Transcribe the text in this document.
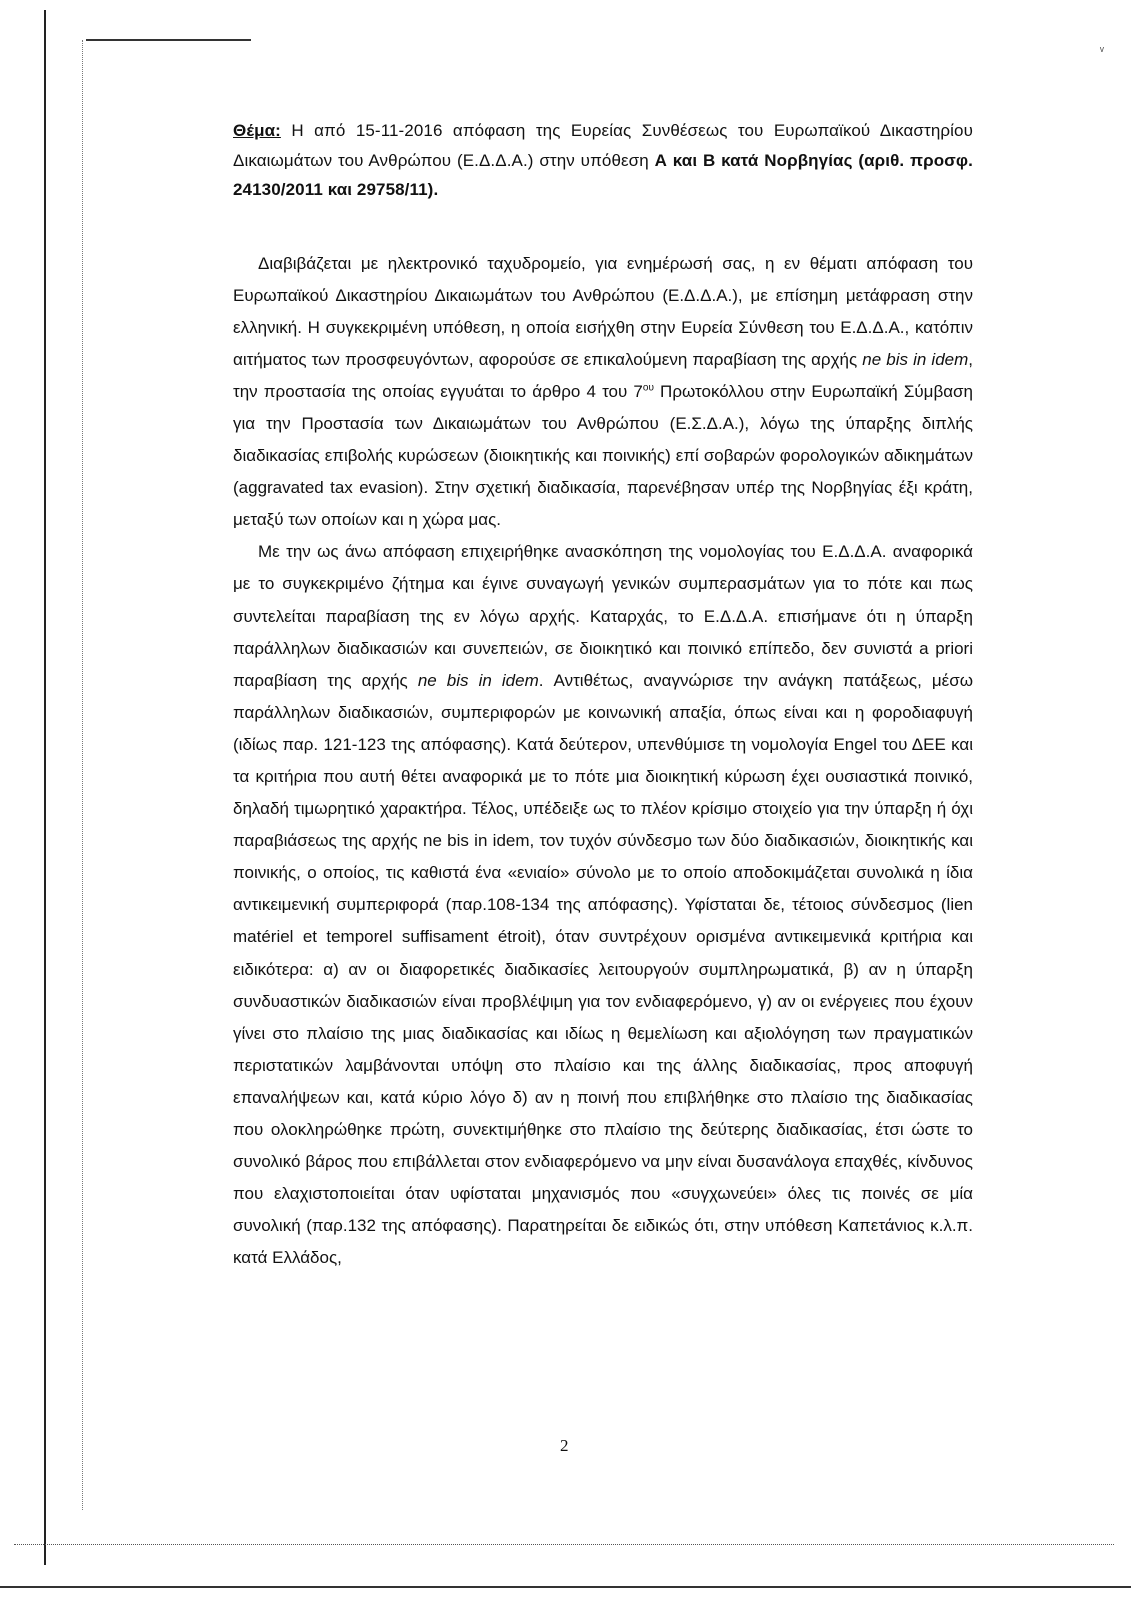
ᵥ

Θέμα: Η από 15-11-2016 απόφαση της Ευρείας Συνθέσεως του Ευρωπαϊκού Δικαστηρίου Δικαιωμάτων του Ανθρώπου (Ε.Δ.Δ.Α.) στην υπόθεση Α και Β κατά Νορβηγίας (αριθ. προσφ. 24130/2011 και 29758/11).

Διαβιβάζεται με ηλεκτρονικό ταχυδρομείο, για ενημέρωσή σας, η εν θέματι απόφαση του Ευρωπαϊκού Δικαστηρίου Δικαιωμάτων του Ανθρώπου (Ε.Δ.Δ.Α.), με επίσημη μετάφραση στην ελληνική. Η συγκεκριμένη υπόθεση, η οποία εισήχθη στην Ευρεία Σύνθεση του Ε.Δ.Δ.Α., κατόπιν αιτήματος των προσφευγόντων, αφορούσε σε επικαλούμενη παραβίαση της αρχής ne bis in idem, την προστασία της οποίας εγγυάται το άρθρο 4 του $7^{o\upsilon}$ Πρωτοκόλλου στην Ευρωπαϊκή Σύμβαση για την Προστασία των Δικαιωμάτων του Ανθρώπου (Ε.Σ.Δ.Α.), λόγω της ύπαρξης διπλής διαδικασίας επιβολής κυρώσεων (διοικητικής και ποινικής) επί σοβαρών φορολογικών αδικημάτων (aggravated tax evasion). Στην σχετική διαδικασία, παρενέβησαν υπέρ της Νορβηγίας έξι κράτη, μεταξύ των οποίων και η χώρα μας.

Με την ως άνω απόφαση επιχειρήθηκε ανασκόπηση της νομολογίας του Ε.Δ.Δ.Α. αναφορικά με το συγκεκριμένο ζήτημα και έγινε συναγωγή γενικών συμπερασμάτων για το πότε και πως συντελείται παραβίαση της εν λόγω αρχής. Καταρχάς, το Ε.Δ.Δ.Α. επισήμανε ότι η ύπαρξη παράλληλων διαδικασιών και συνεπειών, σε διοικητικό και ποινικό επίπεδο, δεν συνιστά a priori παραβίαση της αρχής ne bis in idem. Αντιθέτως, αναγνώρισε την ανάγκη πατάξεως, μέσω παράλληλων διαδικασιών, συμπεριφορών με κοινωνική απαξία, όπως είναι και η φοροδιαφυγή (ιδίως παρ. 121-123 της απόφασης). Κατά δεύτερον, υπενθύμισε τη νομολογία Engel του ΔΕΕ και τα κριτήρια που αυτή θέτει αναφορικά με το πότε μια διοικητική κύρωση έχει ουσιαστικά ποινικό, δηλαδή τιμωρητικό χαρακτήρα. Τέλος, υπέδειξε ως το πλέον κρίσιμο στοιχείο για την ύπαρξη ή όχι παραβιάσεως της αρχής ne bis in idem, τον τυχόν σύνδεσμο των δύο διαδικασιών, διοικητικής και ποινικής, ο οποίος, τις καθιστά ένα «ενιαίο» σύνολο με το οποίο αποδοκιμάζεται συνολικά η ίδια αντικειμενική συμπεριφορά (παρ.108-134 της απόφασης). Υφίσταται δε, τέτοιος σύνδεσμος (lien matériel et temporel suffisament étroit), όταν συντρέχουν ορισμένα αντικειμενικά κριτήρια και ειδικότερα: α) αν οι διαφορετικές διαδικασίες λειτουργούν συμπληρωματικά, β) αν η ύπαρξη συνδυαστικών διαδικασιών είναι προβλέψιμη για τον ενδιαφερόμενο, γ) αν οι ενέργειες που έχουν γίνει στο πλαίσιο της μιας διαδικασίας και ιδίως η θεμελίωση και αξιολόγηση των πραγματικών περιστατικών λαμβάνονται υπόψη στο πλαίσιο και της άλλης διαδικασίας, προς αποφυγή επαναλήψεων και, κατά κύριο λόγο δ) αν η ποινή που επιβλήθηκε στο πλαίσιο της διαδικασίας που ολοκληρώθηκε πρώτη, συνεκτιμήθηκε στο πλαίσιο της δεύτερης διαδικασίας, έτσι ώστε το συνολικό βάρος που επιβάλλεται στον ενδιαφερόμενο να μην είναι δυσανάλογα επαχθές, κίνδυνος που ελαχιστοποιείται όταν υφίσταται μηχανισμός που «συγχωνεύει» όλες τις ποινές σε μία συνολική (παρ.132 της απόφασης). Παρατηρείται δε ειδικώς ότι, στην υπόθεση Καπετάνιος κ.λ.π. κατά Ελλάδος,

2
